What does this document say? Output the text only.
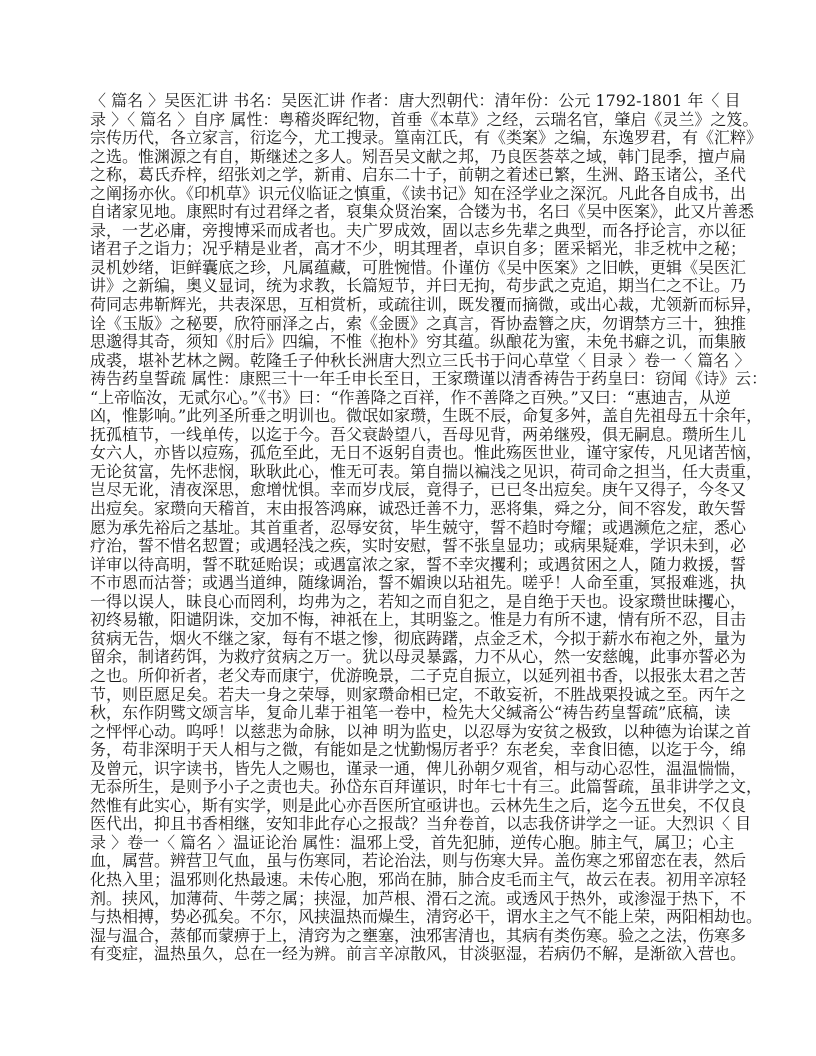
〈 篇名 〉吴医汇讲 书名：吴医汇讲 作者：唐大烈朝代：清年份：公元 1792-1801 年〈 目
录 〉〈 篇名 〉自序 属性：粤稽炎晖纪物，首垂《本草》之经，云瑞名官，肇启《灵兰》之笈。
宗传历代，各立家言，衍迄今，尤工搜录。篁南江氏，有《类案》之编，东逸罗君，有《汇粹》
之选。惟渊源之有自，斯继述之多人。矧吾吴文献之邦，乃良医荟萃之域，韩门昆季，擅卢扁
之称，葛氏乔梓，绍张刘之学，新甫、启东二十子，前朝之着述已繁，生洲、路玉诸公，圣代
之阐扬亦伙。《印机草》识元仪临证之慎重，《读书记》知在泾学业之深沉。凡此各自成书，出
自诸家见地。康熙时有过君绎之者，裒集众贤治案，合镂为书，名曰《吴中医案》，此又片善悉
录，一艺必庸，旁搜博采而成者也。夫广罗成效，固以志乡先辈之典型，而各抒论言，亦以征
诸君子之诣力；况乎精是业者，高才不少，明其理者，卓识自多；匿采韬光，非乏枕中之秘；
灵机妙绪，讵鲜囊底之珍，凡属蕴藏，可胜惋惜。仆谨仿《吴中医案》之旧帙，更辑《吴医汇
讲》之新编，奥义显词，统为求教，长篇短节，并曰无拘，苟步武之克追，期当仁之不让。乃
荷同志弗靳辉光，共表深思，互相赏析，或疏往训，既发覆而摘微，或出心裁，尤领新而标异，
诠《玉版》之秘要，欣符丽泽之占，索《金匮》之真言，胥协盍簪之庆，勿谓禁方三十，独推
思邈得其奇，须知《肘后》四编，不惟《抱朴》穷其蕴。纵酿花为蜜，未免书癖之讥，而集腋
成裘，堪补艺林之阙。乾隆壬子仲秋长洲唐大烈立三氏书于问心草堂〈 目录 〉卷一〈 篇名 〉
祷告药皇誓疏 属性：康熙三十一年壬申长至日，王家瓒谨以清香祷告于药皇曰：窃闻《诗》云：
“上帝临汝，无贰尔心。”《书》曰：“作善降之百祥，作不善降之百殃。”又曰：“惠迪吉，从逆
凶，惟影响。”此列圣所垂之明训也。微氓如家瓒，生既不辰，命复多舛，盖自先祖母五十余年，
抚孤植节，一线单传，以迄于今。吾父衰龄望八，吾母见背，两弟继殁，俱无嗣息。瓒所生儿
女六人，亦皆以痘殇，孤危至此，无日不返躬自责也。惟此殇医世业，谨守家传，凡见诸苦恼，
无论贫富，先怀悲悯，耿耿此心，惟无可表。第自揣以褊浅之见识，荷司命之担当，任大责重，
岂尽无讹，清夜深思，愈增忧惧。幸而岁戊辰，竟得子，已已冬出痘矣。庚午又得子，今冬又
出痘矣。家瓒向天稽首，末由报答鸿麻，诚恐迁善不力，恶将集，舜之分，间不容发，敢矢誓
愿为承先裕后之基址。其首重者，忍辱安贫，毕生兢守，誓不趋时夸耀；或遇濒危之症，悉心
疗治，誓不惜名恝置；或遇轻浅之疾，实时安慰，誓不张皇显功；或病果疑难，学识未到，必
详审以待高明，誓不耽延贻误；或遇富浓之家，誓不幸灾攫利；或遇贫困之人，随力救援，誓
不市恩而沽誉；或遇当道绅，随缘调治，誓不媚谀以玷祖先。嗟乎！人命至重，冥报难逃，执
一得以误人，昧良心而罔利，均弗为之，若知之而自犯之，是自绝于天也。设家瓒世昧攫心，
初终易辙，阳谴阴诛，交加不悔，神祇在上，其明鉴之。惟是力有所不逮，情有所不忍，目击
贫病无告，烟火不继之家，每有不堪之惨，彻底踌躇，点金乏术，今拟于薪水布袍之外，量为
留余，制诸药饵，为救疗贫病之万一。犹以母灵暴露，力不从心，然一安慈魄，此事亦誓必为
之也。所仰祈者，老父寿而康宁，优游晚景，二子克自振立，以延列祖书香，以报张太君之苦
节，则臣愿足矣。若夫一身之荣辱，则家瓒命相已定，不敢妄祈，不胜战栗投诚之至。丙午之
秋，东作阴骘文颂言毕，复命儿辈于祖笔一卷中，检先大父缄斋公“祷告药皇誓疏”底稿，读
之怦怦心动。呜呼！以慈悲为命脉，以神 明为监史，以忍辱为安贫之极致，以种德为诒谋之首
务，苟非深明于天人相与之微，有能如是之忧勤惕厉者乎？东老矣，幸食旧德，以迄于今，绵
及曾元，识字读书，皆先人之赐也，谨录一通，俾儿孙朝夕观省，相与动心忍性，温温惴惴，
无忝所生，是则予小子之责也夫。孙岱东百拜谨识，时年七十有三。此篇誓疏，虽非讲学之文，
然惟有此实心，斯有实学，则是此心亦吾医所宜亟讲也。云林先生之后，迄今五世矣，不仅良
医代出，抑且书香相继，安知非此存心之报哉？当弁卷首，以志我侪讲学之一证。大烈识〈 目
录 〉卷一〈 篇名 〉温证论治 属性：温邪上受，首先犯肺，逆传心胞。肺主气，属卫；心主
血，属营。辨营卫气血，虽与伤寒同，若论治法，则与伤寒大异。盖伤寒之邪留恋在表，然后
化热入里；温邪则化热最速。未传心胞，邪尚在肺，肺合皮毛而主气，故云在表。初用辛凉轻
剂。挟风，加薄荷、牛蒡之属；挟湿，加芦根、滑石之流。或透风于热外，或渗湿于热下，不
与热相搏，势必孤矣。不尔，风挟温热而燥生，清窍必干，谓水主之气不能上荣，两阳相劫也。
湿与温合，蒸郁而蒙痹于上，清窍为之壅塞，浊邪害清也，其病有类伤寒。验之之法，伤寒多
有变症，温热虽久，总在一经为辨。前言辛凉散风，甘淡驱湿，若病仍不解，是渐欲入营也。
